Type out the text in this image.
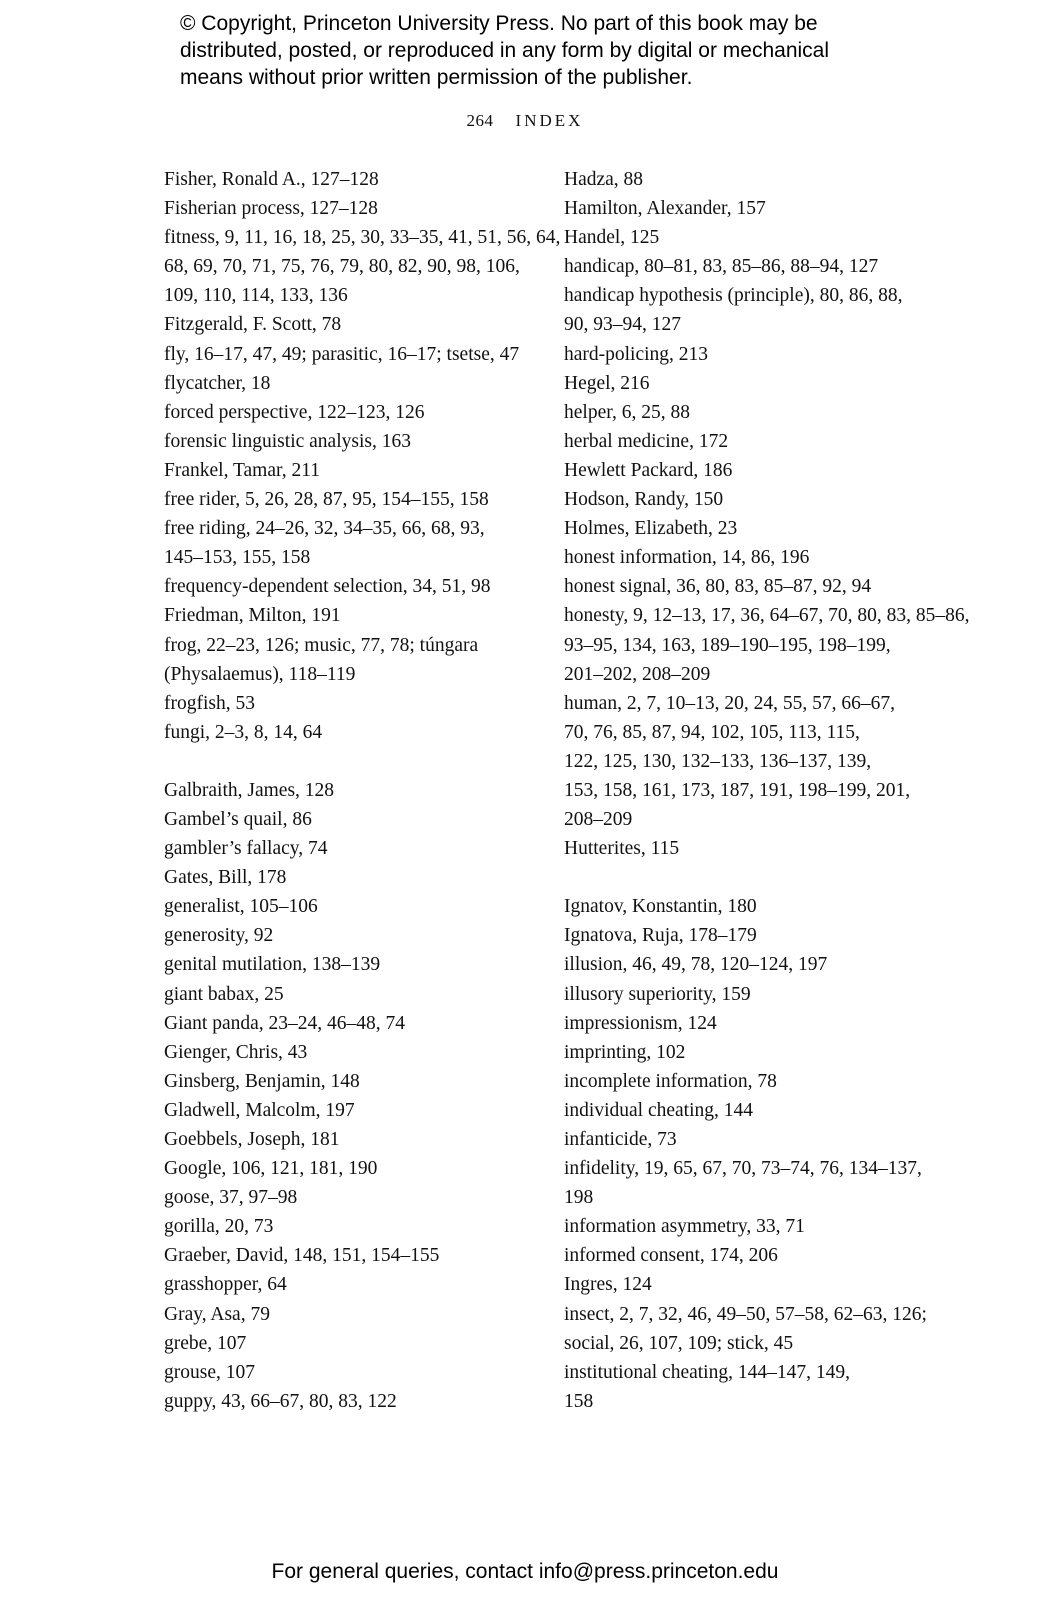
© Copyright, Princeton University Press. No part of this book may be
distributed, posted, or reproduced in any form by digital or mechanical
means without prior written permission of the publisher.
264 INDEX
Fisher, Ronald A., 127–128
Fisherian process, 127–128
fitness, 9, 11, 16, 18, 25, 30, 33–35, 41, 51, 56, 64,
68, 69, 70, 71, 75, 76, 79, 80, 82, 90, 98, 106,
109, 110, 114, 133, 136
Fitzgerald, F. Scott, 78
fly, 16–17, 47, 49; parasitic, 16–17; tsetse, 47
flycatcher, 18
forced perspective, 122–123, 126
forensic linguistic analysis, 163
Frankel, Tamar, 211
free rider, 5, 26, 28, 87, 95, 154–155, 158
free riding, 24–26, 32, 34–35, 66, 68, 93,
145–153, 155, 158
frequency-dependent selection, 34, 51, 98
Friedman, Milton, 191
frog, 22–23, 126; music, 77, 78; túngara
(Physalaemus), 118–119
frogfish, 53
fungi, 2–3, 8, 14, 64
Galbraith, James, 128
Gambel’s quail, 86
gambler’s fallacy, 74
Gates, Bill, 178
generalist, 105–106
generosity, 92
genital mutilation, 138–139
giant babax, 25
Giant panda, 23–24, 46–48, 74
Gienger, Chris, 43
Ginsberg, Benjamin, 148
Gladwell, Malcolm, 197
Goebbels, Joseph, 181
Google, 106, 121, 181, 190
goose, 37, 97–98
gorilla, 20, 73
Graeber, David, 148, 151, 154–155
grasshopper, 64
Gray, Asa, 79
grebe, 107
grouse, 107
guppy, 43, 66–67, 80, 83, 122
Hadza, 88
Hamilton, Alexander, 157
Handel, 125
handicap, 80–81, 83, 85–86, 88–94, 127
handicap hypothesis (principle), 80, 86, 88,
90, 93–94, 127
hard-policing, 213
Hegel, 216
helper, 6, 25, 88
herbal medicine, 172
Hewlett Packard, 186
Hodson, Randy, 150
Holmes, Elizabeth, 23
honest information, 14, 86, 196
honest signal, 36, 80, 83, 85–87, 92, 94
honesty, 9, 12–13, 17, 36, 64–67, 70, 80, 83, 85–86,
93–95, 134, 163, 189–190–195, 198–199,
201–202, 208–209
human, 2, 7, 10–13, 20, 24, 55, 57, 66–67,
70, 76, 85, 87, 94, 102, 105, 113, 115,
122, 125, 130, 132–133, 136–137, 139,
153, 158, 161, 173, 187, 191, 198–199, 201,
208–209
Hutterites, 115
Ignatov, Konstantin, 180
Ignatova, Ruja, 178–179
illusion, 46, 49, 78, 120–124, 197
illusory superiority, 159
impressionism, 124
imprinting, 102
incomplete information, 78
individual cheating, 144
infanticide, 73
infidelity, 19, 65, 67, 70, 73–74, 76, 134–137,
198
information asymmetry, 33, 71
informed consent, 174, 206
Ingres, 124
insect, 2, 7, 32, 46, 49–50, 57–58, 62–63, 126;
social, 26, 107, 109; stick, 45
institutional cheating, 144–147, 149,
158
For general queries, contact info@press.princeton.edu
